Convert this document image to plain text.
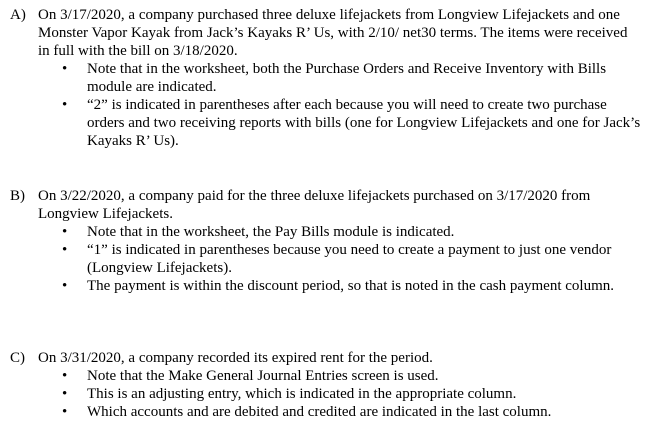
A) On 3/17/2020, a company purchased three deluxe lifejackets from Longview Lifejackets and one Monster Vapor Kayak from Jack’s Kayaks R’ Us, with 2/10/ net30 terms. The items were received in full with the bill on 3/18/2020.
• Note that in the worksheet, both the Purchase Orders and Receive Inventory with Bills module are indicated.
• “2” is indicated in parentheses after each because you will need to create two purchase orders and two receiving reports with bills (one for Longview Lifejackets and one for Jack’s Kayaks R’ Us).
B) On 3/22/2020, a company paid for the three deluxe lifejackets purchased on 3/17/2020 from Longview Lifejackets.
• Note that in the worksheet, the Pay Bills module is indicated.
• “1” is indicated in parentheses because you need to create a payment to just one vendor (Longview Lifejackets).
• The payment is within the discount period, so that is noted in the cash payment column.
C) On 3/31/2020, a company recorded its expired rent for the period.
• Note that the Make General Journal Entries screen is used.
• This is an adjusting entry, which is indicated in the appropriate column.
• Which accounts and are debited and credited are indicated in the last column.
